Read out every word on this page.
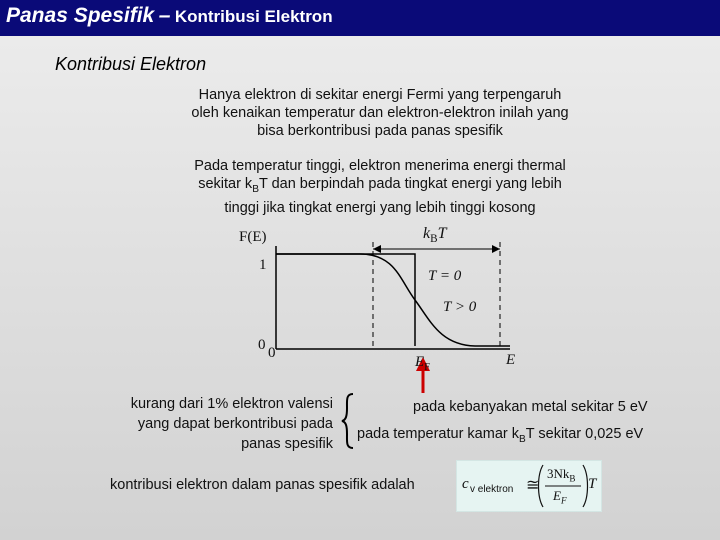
Panas Spesifik – Kontribusi Elektron
Kontribusi Elektron
Hanya elektron di sekitar energi Fermi yang terpengaruh
oleh kenaikan temperatur dan elektron-elektron inilah yang
bisa berkontribusi pada panas spesifik
Pada temperatur tinggi, elektron menerima energi thermal
sekitar $k_BT$ dan berpindah pada tingkat energi yang lebih
tinggi jika tingkat energi yang lebih tinggi kosong
F(E)
1
0 0
$k_BT$
T = 0
T > 0
$E_F$	E
kurang dari 1% elektron valensi
yang dapat berkontribusi pada
panas spesifik
pada kebanyakan metal sekitar 5 eV
pada temperatur kamar $k_BT$ sekitar 0,025 eV
kontribusi elektron dalam panas spesifik adalah	c v elektron ≅
$3Nk_B$
$E_F$
T
